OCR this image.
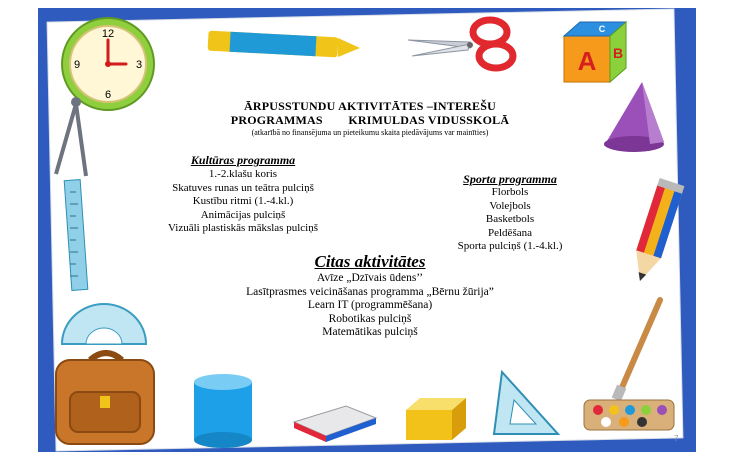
12
3
6
9	A B
C
ĀRPUSSTUNDU AKTIVITĀTES –INTEREŠU
PROGRAMMAS        KRIMULDAS VIDUSSKOLĀ
(atkarībā no finansējuma un pieteikumu skaita piedāvājums var mainīties)
Kultūras programma
1.-2.klašu koris
Skatuves runas un teātra pulciņš
Kustību ritmi (1.-4.kl.)
Animācijas pulciņš
Vizuāli plastiskās mākslas pulciņš
Sporta programma
Florbols
Volejbols
Basketbols
Peldēšana
Sporta pulciņš (1.-4.kl.)
Citas aktivitātes
Avīze „Dzīvais ūdens’’
Lasītprasmes veicināšanas programma „Bērnu žūrija”
Learn IT (programmēšana)
Robotikas pulciņš
Matemātikas pulciņš
7
